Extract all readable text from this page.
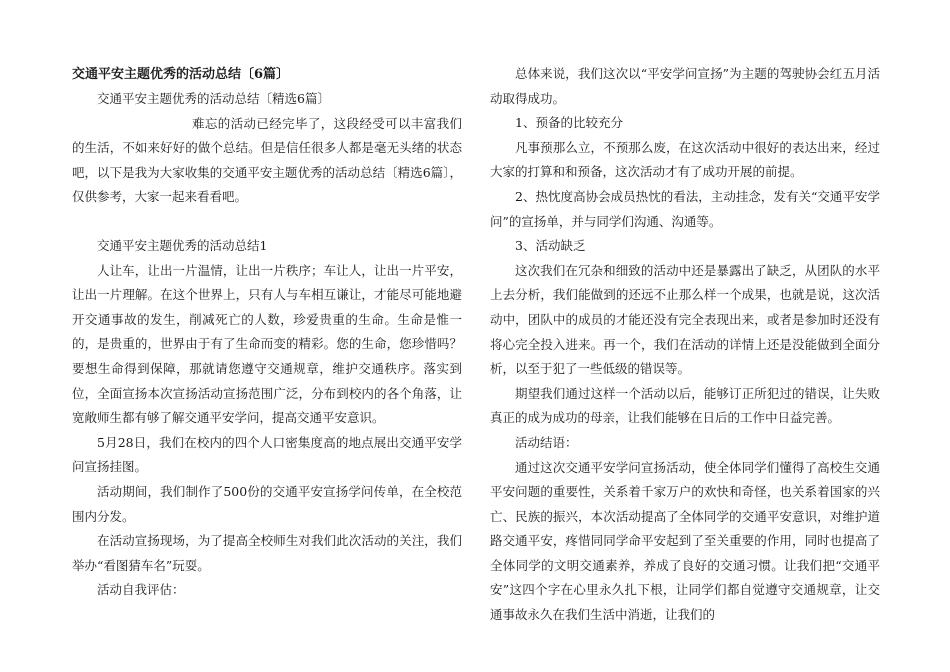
交通平安主题优秀的活动总结〔6篇〕

交通平安主题优秀的活动总结〔精选6篇〕

难忘的活动已经完毕了，这段经受可以丰富我们的生活，不如来好好的做个总结。但是信任很多人都是毫无头绪的状态吧，以下是我为大家收集的交通平安主题优秀的活动总结〔精选6篇〕，仅供参考，大家一起来看看吧。

交通平安主题优秀的活动总结1

人让车，让出一片温情，让出一片秩序；车让人，让出一片平安，让出一片理解。在这个世界上，只有人与车相互谦让，才能尽可能地避开交通事故的发生，削减死亡的人数，珍爱贵重的生命。生命是惟一的，是贵重的，世界由于有了生命而变的精彩。您的生命，您珍惜吗？要想生命得到保障，那就请您遵守交通规章，维护交通秩序。落实到位，全面宣扬本次宣扬活动宣扬范围广泛，分布到校内的各个角落，让宽敞师生都有够了解交通平安学问，提高交通平安意识。

5月28日，我们在校内的四个人口密集度高的地点展出交通平安学问宣扬挂图。

活动期间，我们制作了500份的交通平安宣扬学问传单，在全校范围内分发。

在活动宣扬现场，为了提高全校师生对我们此次活动的关注，我们举办“看图猜车名”玩耍。

活动自我评估：

总体来说，我们这次以“平安学问宣扬”为主题的驾驶协会红五月活动取得成功。

1、预备的比较充分

凡事预那么立，不预那么废，在这次活动中很好的表达出来，经过大家的打算和和预备，这次活动才有了成功开展的前提。

2、热忱度高协会成员热忱的看法，主动挂念，发有关“交通平安学问”的宣扬单，并与同学们沟通、沟通等。

3、活动缺乏

这次我们在冗杂和细致的活动中还是暴露出了缺乏，从团队的水平上去分析，我们能做到的还远不止那么样一个成果，也就是说，这次活动中，团队中的成员的才能还没有完全表现出来，或者是参加时还没有将心完全投入进来。再一个，我们在活动的详情上还是没能做到全面分析，以至于犯了一些低级的错误等。

期望我们通过这样一个活动以后，能够订正所犯过的错误，让失败真正的成为成功的母亲，让我们能够在日后的工作中日益完善。

活动结语：

通过这次交通平安学问宣扬活动，使全体同学们懂得了高校生交通平安问题的重要性，关系着千家万户的欢快和奇怪，也关系着国家的兴亡、民族的振兴，本次活动提高了全体同学的交通平安意识，对维护道路交通平安，疼惜同同学命平安起到了至关重要的作用，同时也提高了全体同学的文明交通素养，养成了良好的交通习惯。让我们把“交通平安”这四个字在心里永久扎下根，让同学们都自觉遵守交通规章，让交通事故永久在我们生活中消逝，让我们的
